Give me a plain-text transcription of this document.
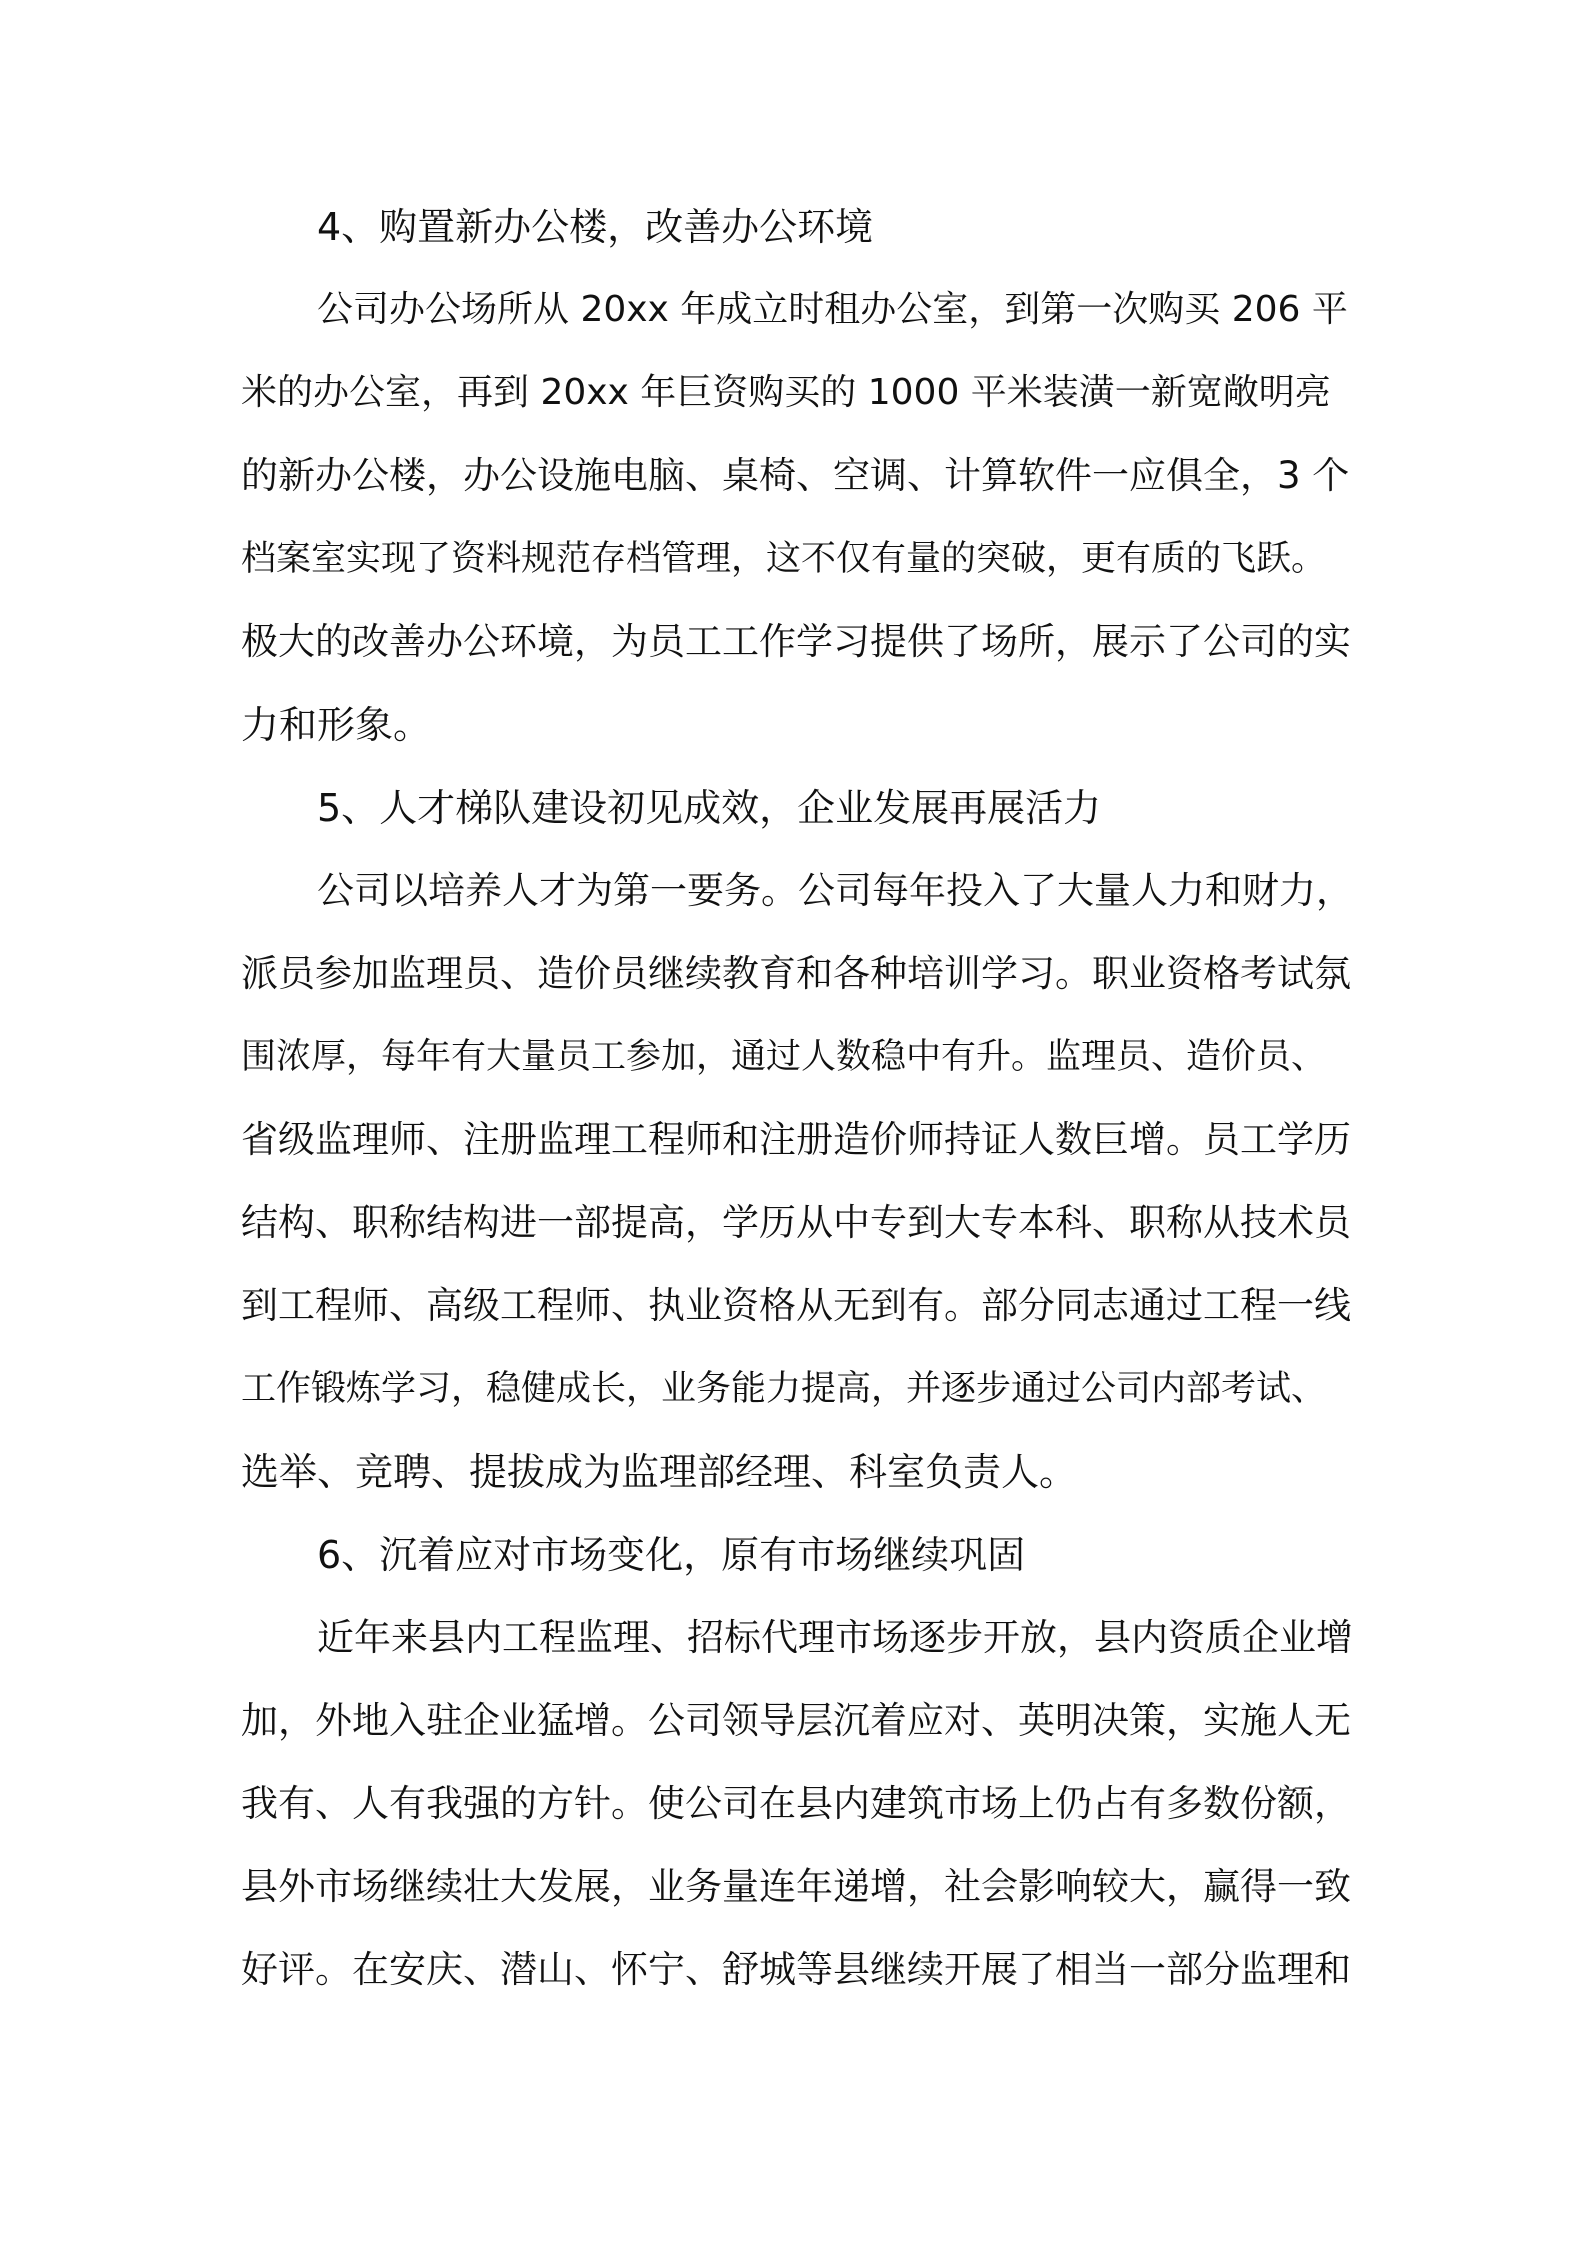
4、购置新办公楼，改善办公环境
公司办公场所从 20xx 年成立时租办公室，到第一次购买 206 平
米的办公室，再到 20xx 年巨资购买的 1000 平米装潢一新宽敞明亮
的新办公楼，办公设施电脑、桌椅、空调、计算软件一应俱全，3 个
档案室实现了资料规范存档管理，这不仅有量的突破，更有质的飞跃。
极大的改善办公环境，为员工工作学习提供了场所，展示了公司的实
力和形象。
5、人才梯队建设初见成效，企业发展再展活力
公司以培养人才为第一要务。公司每年投入了大量人力和财力，
派员参加监理员、造价员继续教育和各种培训学习。职业资格考试氛
围浓厚，每年有大量员工参加，通过人数稳中有升。监理员、造价员、
省级监理师、注册监理工程师和注册造价师持证人数巨增。员工学历
结构、职称结构进一部提高，学历从中专到大专本科、职称从技术员
到工程师、高级工程师、执业资格从无到有。部分同志通过工程一线
工作锻炼学习，稳健成长，业务能力提高，并逐步通过公司内部考试、
选举、竞聘、提拔成为监理部经理、科室负责人。
6、沉着应对市场变化，原有市场继续巩固
近年来县内工程监理、招标代理市场逐步开放，县内资质企业增
加，外地入驻企业猛增。公司领导层沉着应对、英明决策，实施人无
我有、人有我强的方针。使公司在县内建筑市场上仍占有多数份额，
县外市场继续壮大发展，业务量连年递增，社会影响较大，赢得一致
好评。在安庆、潜山、怀宁、舒城等县继续开展了相当一部分监理和
